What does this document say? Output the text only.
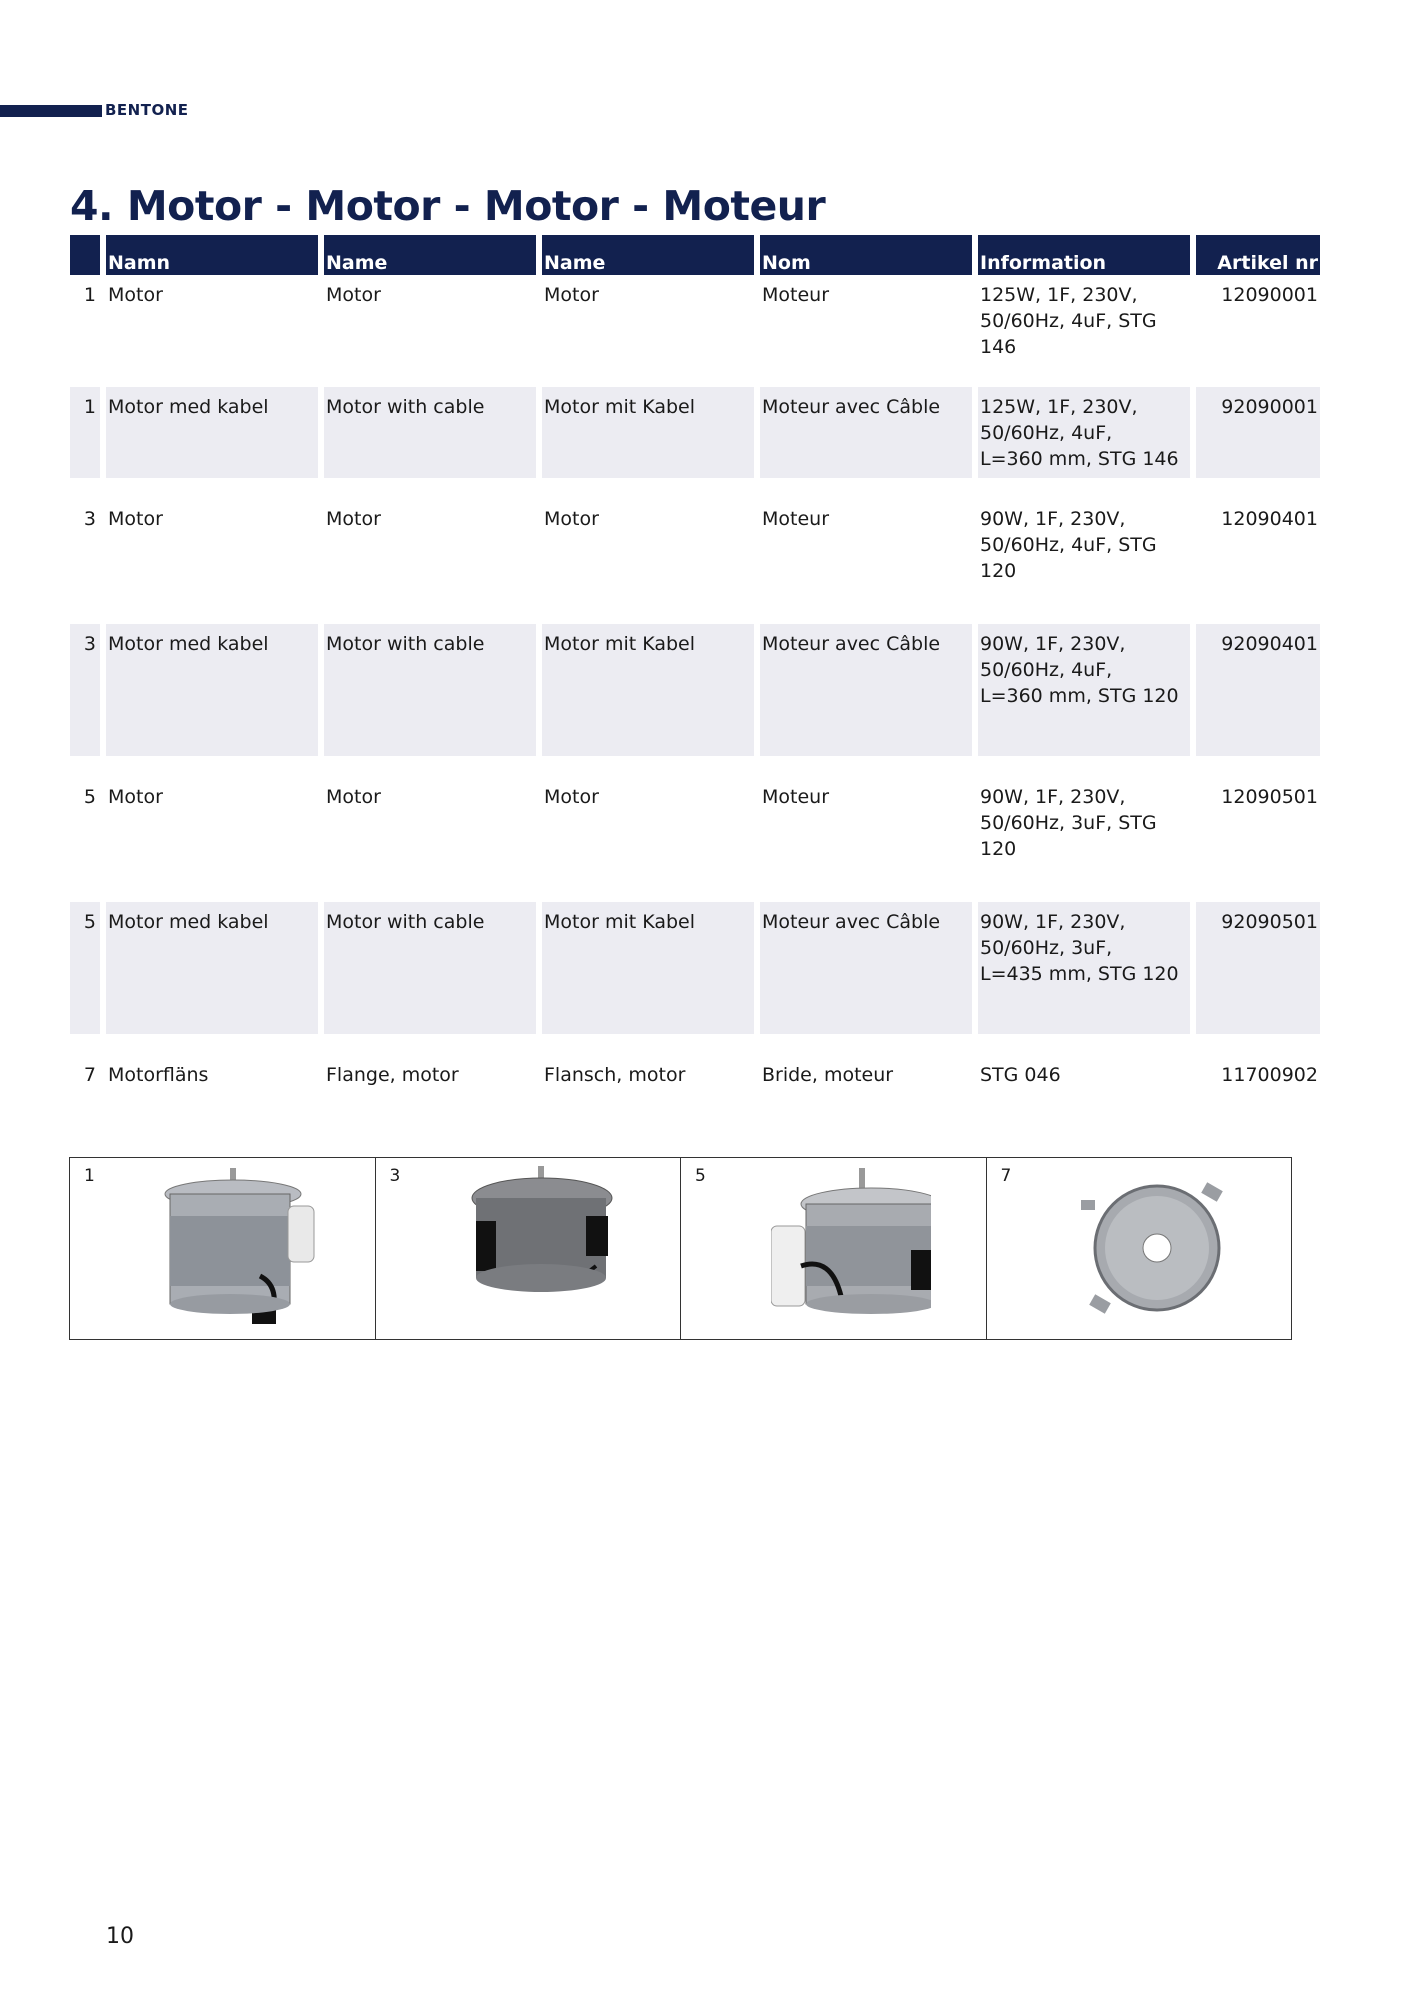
BENTONE
4. Motor - Motor - Motor - Moteur
	Namn	Name	Name	Nom	Information	Artikel nr
1	Motor	Motor	Motor	Moteur	125W, 1F, 230V,
50/60Hz, 4uF, STG 146	12090001

1	Motor med kabel	Motor with cable	Motor mit Kabel	Moteur avec Câble	125W, 1F, 230V,
50/60Hz, 4uF,
L=360 mm, STG 146	92090001

3	Motor	Motor	Motor	Moteur	90W, 1F, 230V,
50/60Hz, 4uF, STG 120	12090401

3	Motor med kabel	Motor with cable	Motor mit Kabel	Moteur avec Câble	90W, 1F, 230V,
50/60Hz, 4uF,
L=360 mm, STG 120	92090401

5	Motor	Motor	Motor	Moteur	90W, 1F, 230V,
50/60Hz, 3uF, STG 120	12090501

5	Motor med kabel	Motor with cable	Motor mit Kabel	Moteur avec Câble	90W, 1F, 230V,
50/60Hz, 3uF,
L=435 mm, STG 120	92090501

7	Motorfläns	Flange, motor	Flansch, motor	Bride, moteur	STG 046	11700902
1	3	5	7
10
